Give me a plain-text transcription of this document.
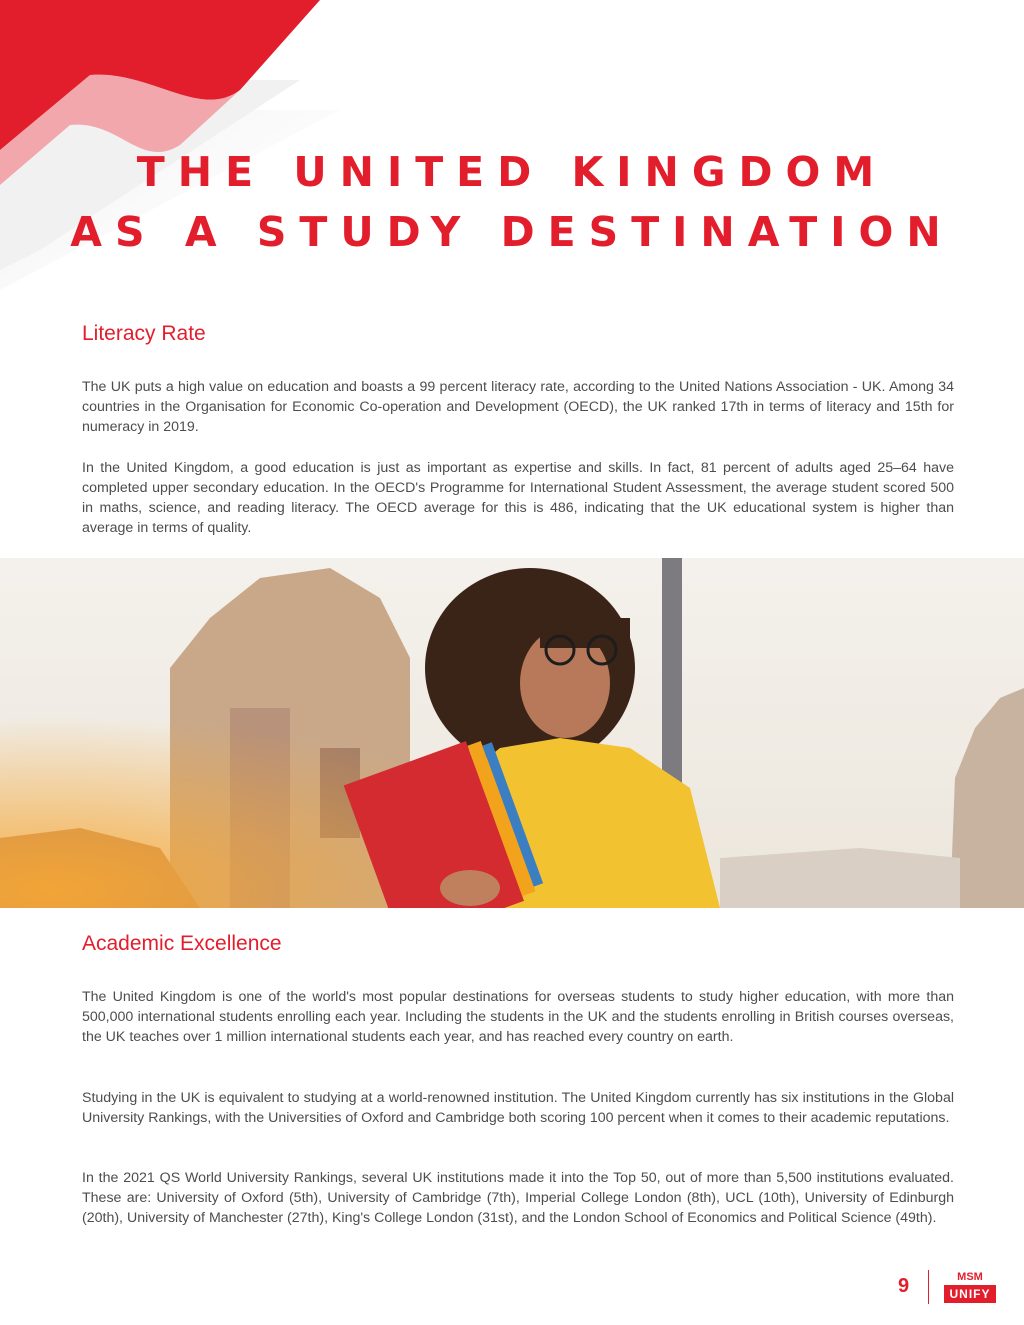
THE UNITED KINGDOM
AS A STUDY DESTINATION
Literacy Rate

The UK puts a high value on education and boasts a 99 percent literacy rate, according to the United Nations Association - UK. Among 34 countries in the Organisation for Economic Co-operation and Development (OECD), the UK ranked 17th in terms of literacy and 15th for numeracy in 2019.

In the United Kingdom, a good education is just as important as expertise and skills. In fact, 81 percent of adults aged 25–64 have completed upper secondary education. In the OECD's Programme for International Student Assessment, the average student scored 500 in maths, science, and reading literacy. The OECD average for this is 486, indicating that the UK educational system is higher than average in terms of quality.

Academic Excellence

The United Kingdom is one of the world's most popular destinations for overseas students to study higher education, with more than 500,000 international students enrolling each year. Including the students in the UK and the students enrolling in British courses overseas, the UK teaches over 1 million international students each year, and has reached every country on earth.

Studying in the UK is equivalent to studying at a world-renowned institution. The United Kingdom currently has six institutions in the Global University Rankings, with the Universities of Oxford and Cambridge both scoring 100 percent when it comes to their academic reputations.

In the 2021 QS World University Rankings, several UK institutions made it into the Top 50, out of more than 5,500 institutions evaluated. These are: University of Oxford (5th), University of Cambridge (7th), Imperial College London (8th), UCL (10th), University of Edinburgh (20th), University of Manchester (27th), King's College London (31st), and the London School of Economics and Political Science (49th).

9	MSM
UNIFY
